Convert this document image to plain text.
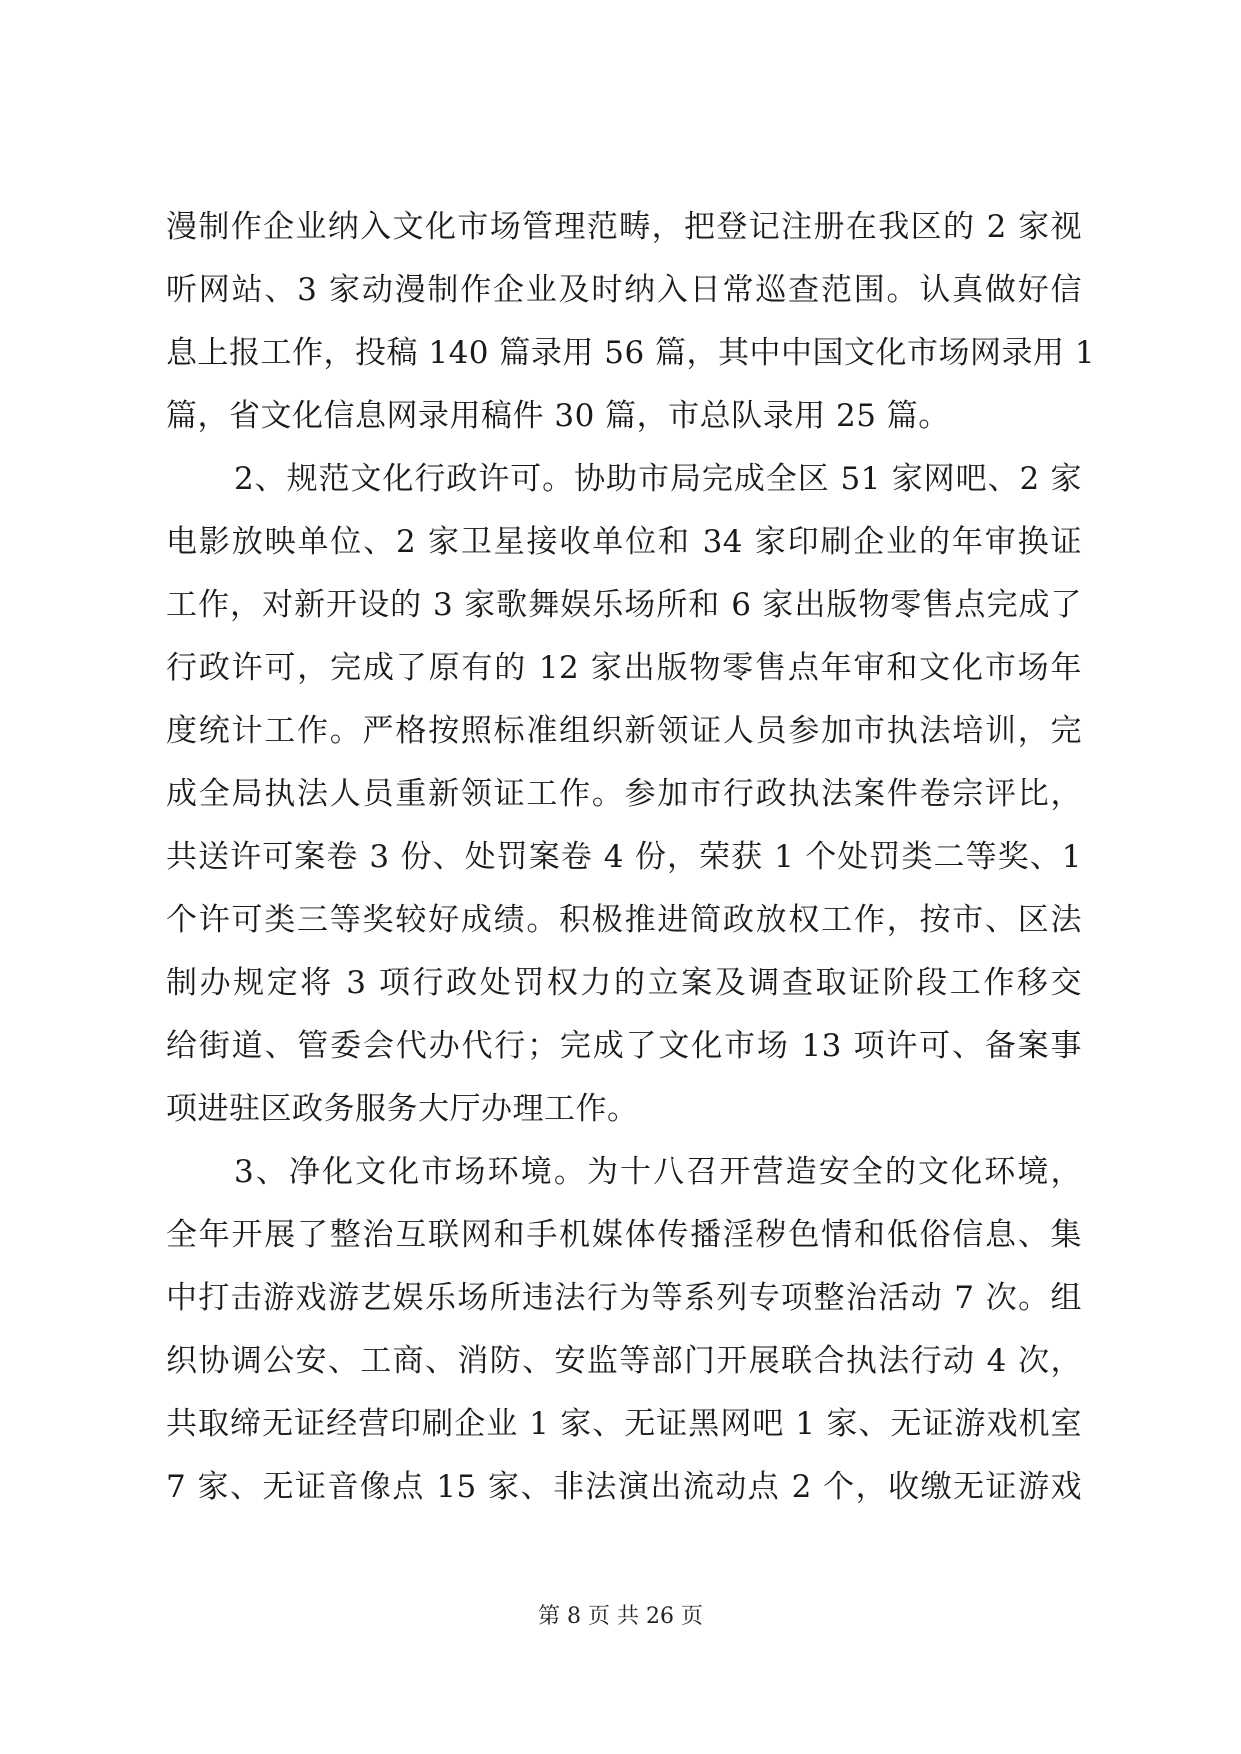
漫制作企业纳入文化市场管理范畴，把登记注册在我区的 2 家视
听网站、3 家动漫制作企业及时纳入日常巡查范围。认真做好信
息上报工作，投稿 140 篇录用 56 篇，其中中国文化市场网录用 1
篇，省文化信息网录用稿件 30 篇，市总队录用 25 篇。
2、规范文化行政许可。协助市局完成全区 51 家网吧、2 家
电影放映单位、2 家卫星接收单位和 34 家印刷企业的年审换证
工作，对新开设的 3 家歌舞娱乐场所和 6 家出版物零售点完成了
行政许可，完成了原有的 12 家出版物零售点年审和文化市场年
度统计工作。严格按照标准组织新领证人员参加市执法培训，完
成全局执法人员重新领证工作。参加市行政执法案件卷宗评比，
共送许可案卷 3 份、处罚案卷 4 份，荣获 1 个处罚类二等奖、1
个许可类三等奖较好成绩。积极推进简政放权工作，按市、区法
制办规定将 3 项行政处罚权力的立案及调查取证阶段工作移交
给街道、管委会代办代行；完成了文化市场 13 项许可、备案事
项进驻区政务服务大厅办理工作。
3、净化文化市场环境。为十八召开营造安全的文化环境，
全年开展了整治互联网和手机媒体传播淫秽色情和低俗信息、集
中打击游戏游艺娱乐场所违法行为等系列专项整治活动 7 次。组
织协调公安、工商、消防、安监等部门开展联合执法行动 4 次，
共取缔无证经营印刷企业 1 家、无证黑网吧 1 家、无证游戏机室
7 家、无证音像点 15 家、非法演出流动点 2 个，收缴无证游戏
第 8 页 共 26 页
